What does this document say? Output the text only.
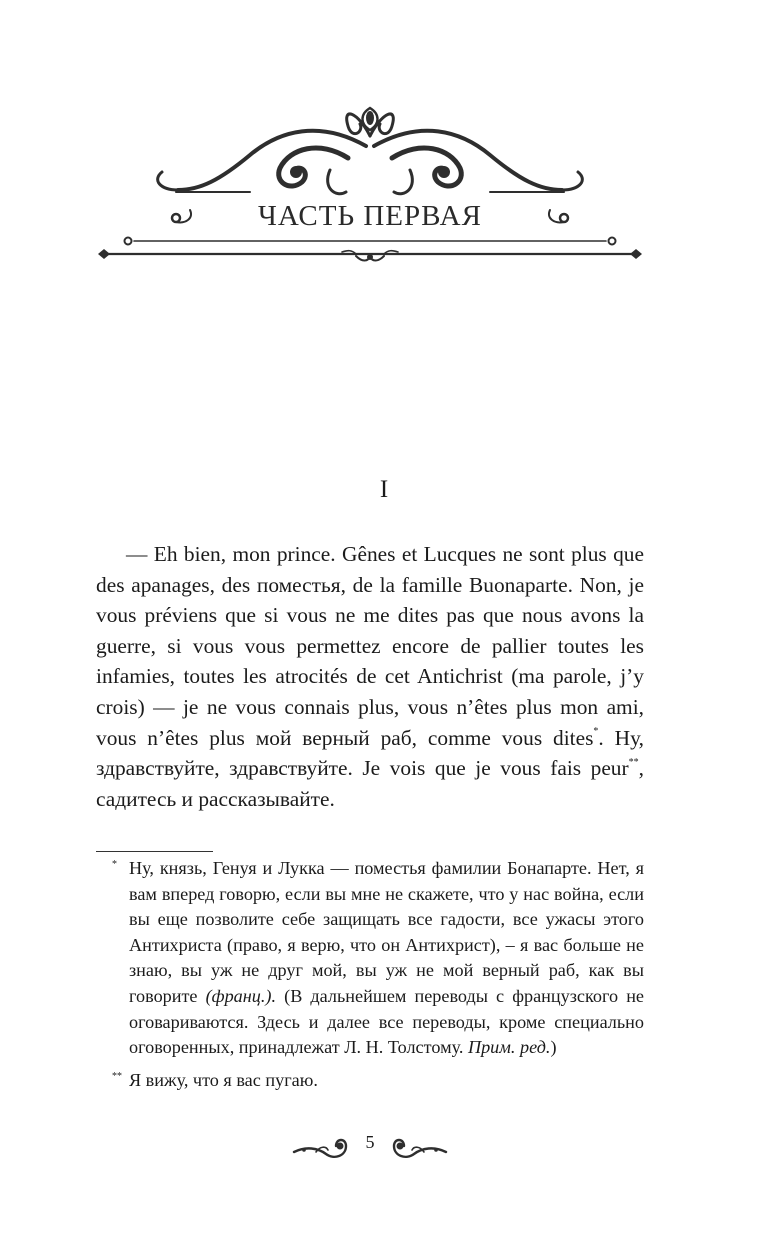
ЧАСТЬ ПЕРВАЯ
I

— Eh bien, mon prince. Gênes et Lucques ne sont plus que des apanages, des поместья, de la famille Buonaparte. Non, je vous préviens que si vous ne me dites pas que nous avons la guerre, si vous vous permettez encore de pallier toutes les infamies, toutes les atrocités de cet Antichrist (ma parole, j’y crois) — je ne vous connais plus, vous n’êtes plus mon ami, vous n’êtes plus мой верный раб, comme vous dites*. Ну, здравствуйте, здравствуйте. Je vois que je vous fais peur**, садитесь и рассказывайте.

* Ну, князь, Генуя и Лукка — поместья фамилии Бонапарте. Нет, я вам вперед говорю, если вы мне не скажете, что у нас война, если вы еще позволите себе защищать все гадости, все ужасы этого Антихриста (право, я верю, что он Антихрист), – я вас больше не знаю, вы уж не друг мой, вы уж не мой верный раб, как вы говорите (франц.). (В дальнейшем переводы с французского не оговариваются. Здесь и далее все переводы, кроме специально оговоренных, принадлежат Л. Н. Толстому. Прим. ред.)

** Я вижу, что я вас пугаю.

5
